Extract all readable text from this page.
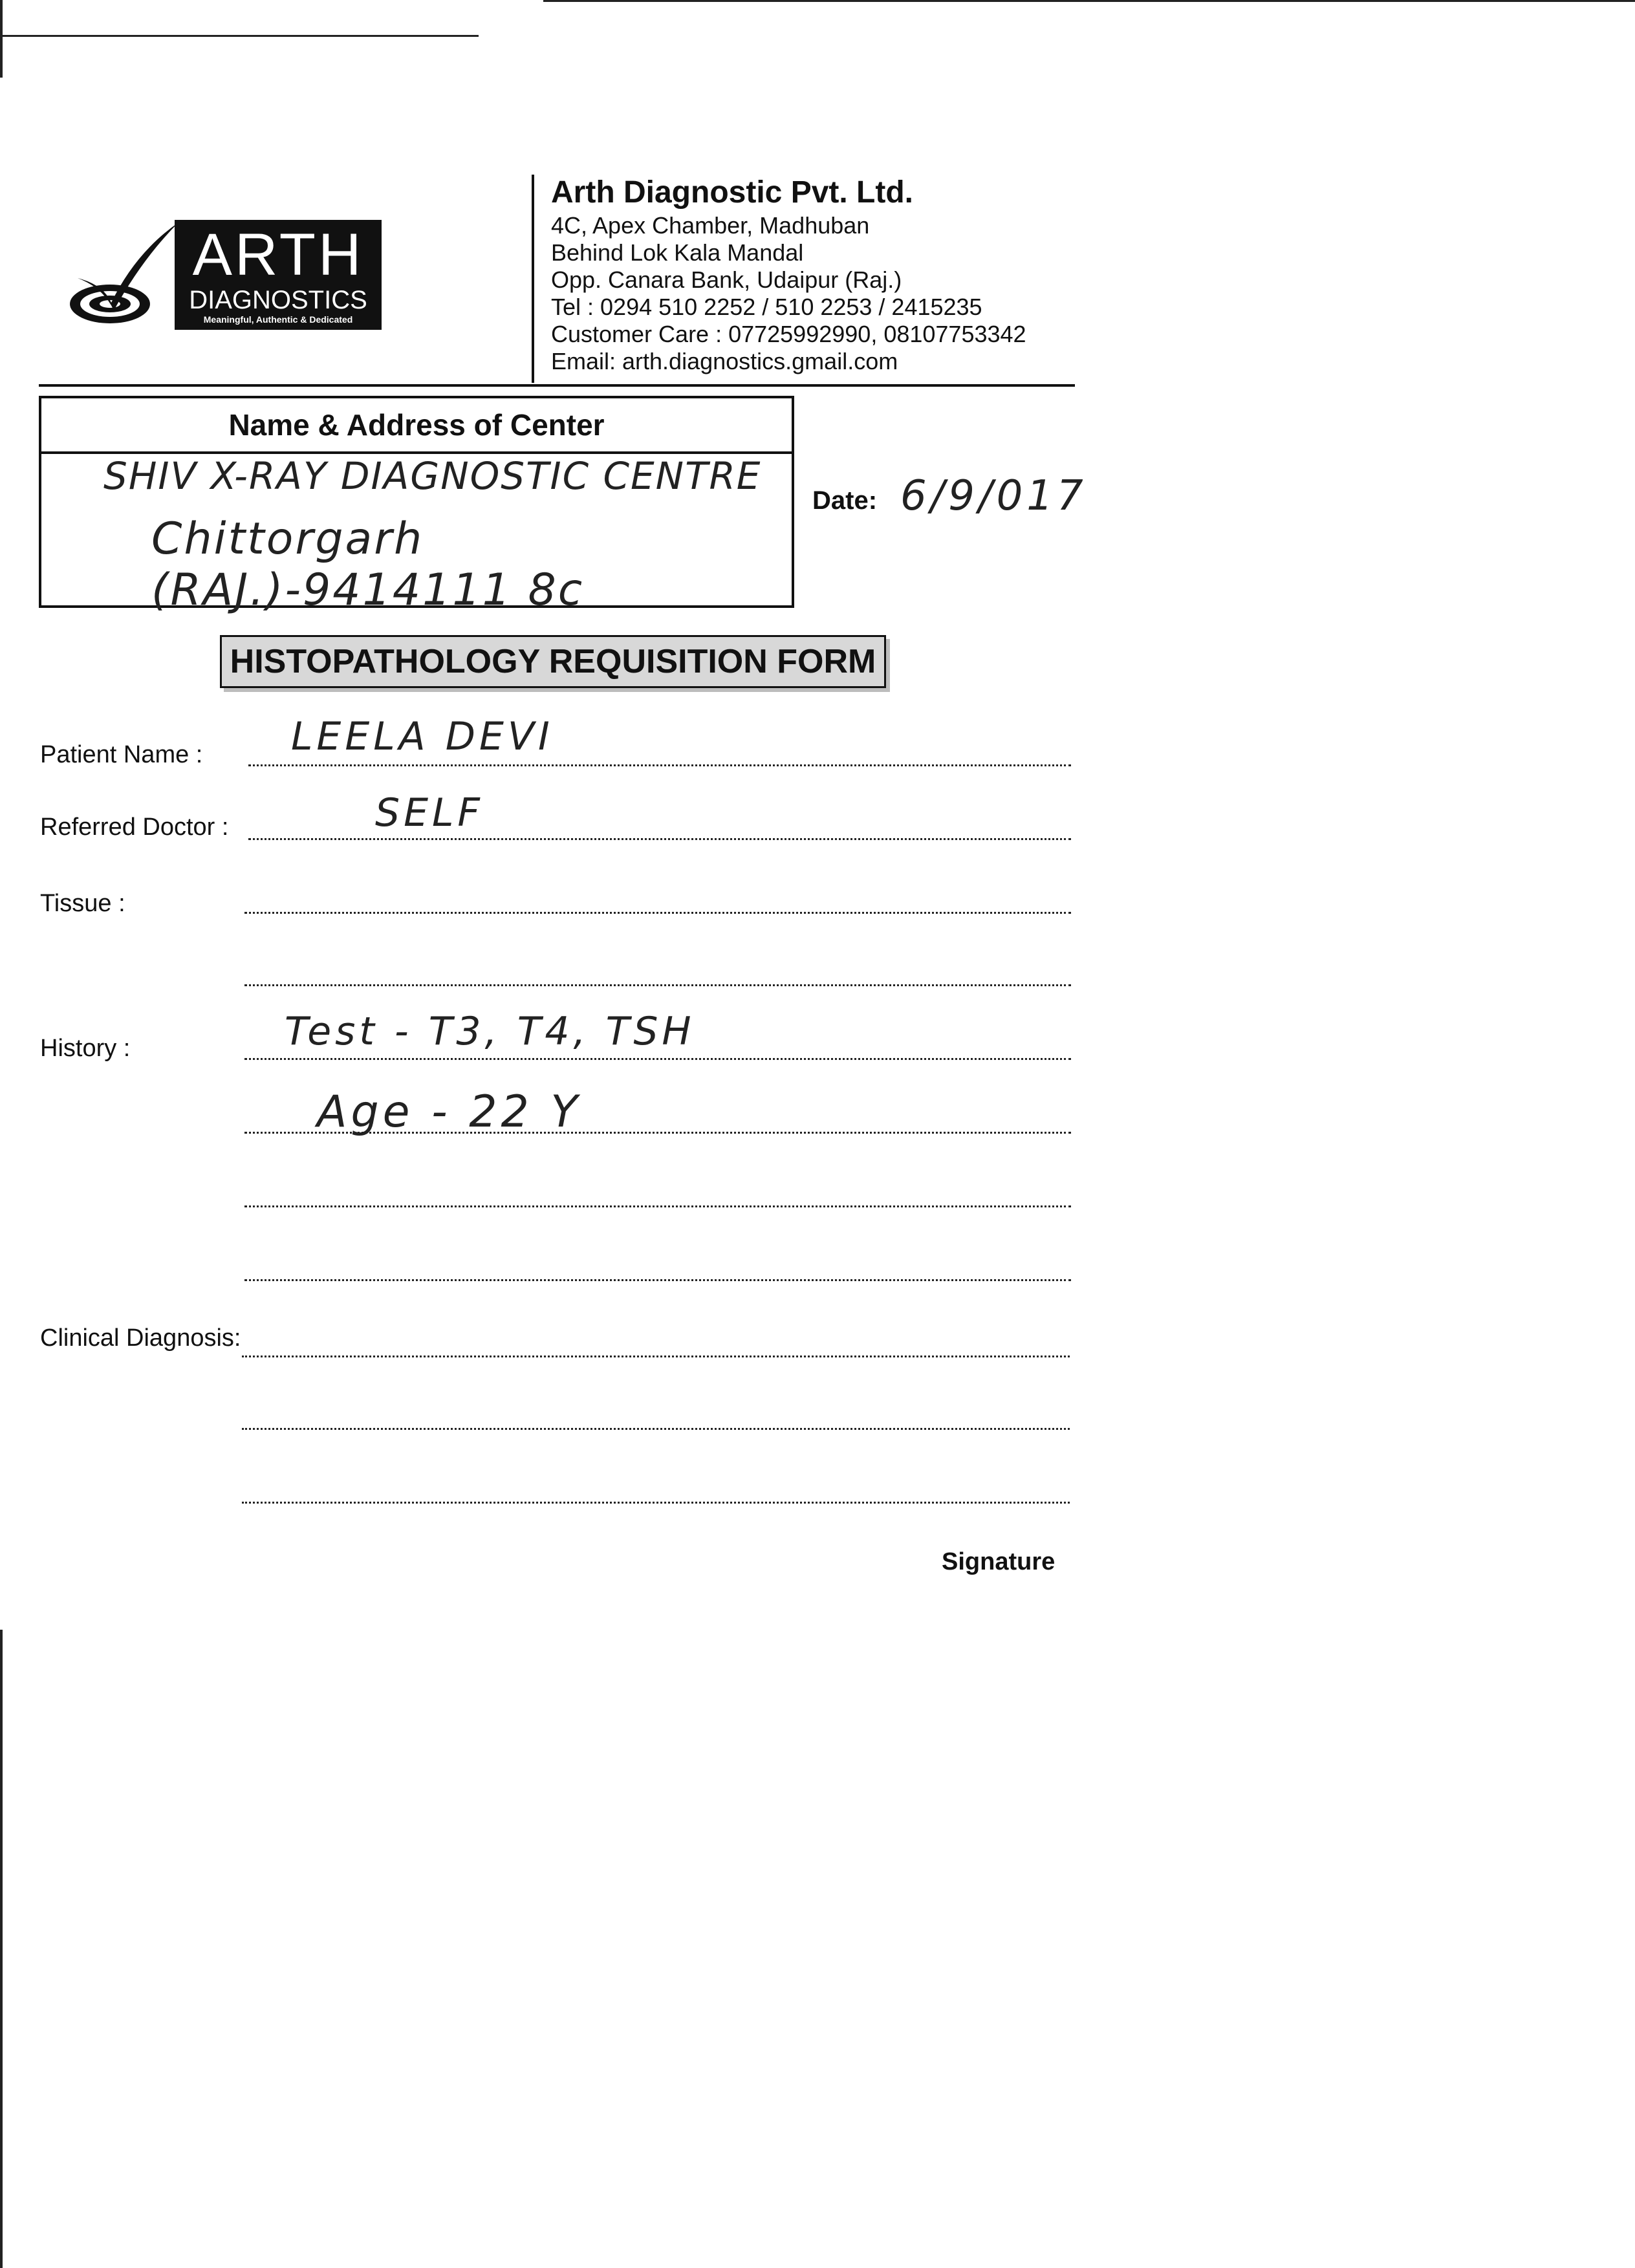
ARTH
DIAGNOSTICS
Meaningful, Authentic & Dedicated
Arth Diagnostic Pvt. Ltd.
4C, Apex Chamber, Madhuban
Behind Lok Kala Mandal
Opp. Canara Bank, Udaipur (Raj.)
Tel : 0294 510 2252 / 510 2253 / 2415235
Customer Care : 07725992990, 08107753342
Email: arth.diagnostics.gmail.com
Name & Address of Center
SHIV X-RAY DIAGNOSTIC CENTRE
Chittorgarh (RAJ.)-9414111 8c
Date: 6/9/017
HISTOPATHOLOGY REQUISITION FORM
Patient Name : LEELA DEVI
Referred Doctor :	SELF
Tissue :
History :	Test - T3, T4, TSH
Age - 22 Y
Clinical Diagnosis:
Signature
